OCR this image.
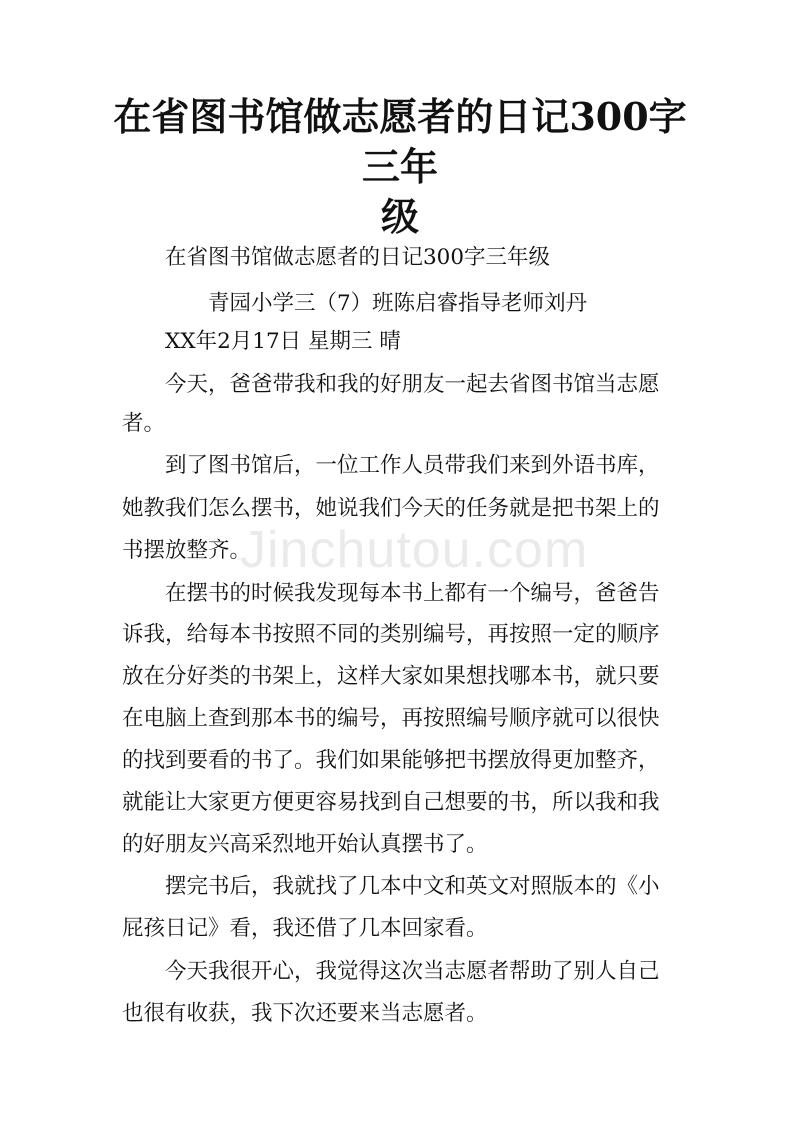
在省图书馆做志愿者的日记300字三年
级
在省图书馆做志愿者的日记300字三年级
青园小学三（7）班陈启睿指导老师刘丹
XX年2月17日 星期三 晴
今天，爸爸带我和我的好朋友一起去省图书馆当志愿
者。
到了图书馆后，一位工作人员带我们来到外语书库，
她教我们怎么摆书，她说我们今天的任务就是把书架上的
书摆放整齐。
在摆书的时候我发现每本书上都有一个编号，爸爸告
诉我，给每本书按照不同的类别编号，再按照一定的顺序
放在分好类的书架上，这样大家如果想找哪本书，就只要
在电脑上查到那本书的编号，再按照编号顺序就可以很快
的找到要看的书了。我们如果能够把书摆放得更加整齐，
就能让大家更方便更容易找到自己想要的书，所以我和我
的好朋友兴高采烈地开始认真摆书了。
摆完书后，我就找了几本中文和英文对照版本的《小
屁孩日记》看，我还借了几本回家看。
今天我很开心，我觉得这次当志愿者帮助了别人自己
也很有收获，我下次还要来当志愿者。
Jinchutou.com
